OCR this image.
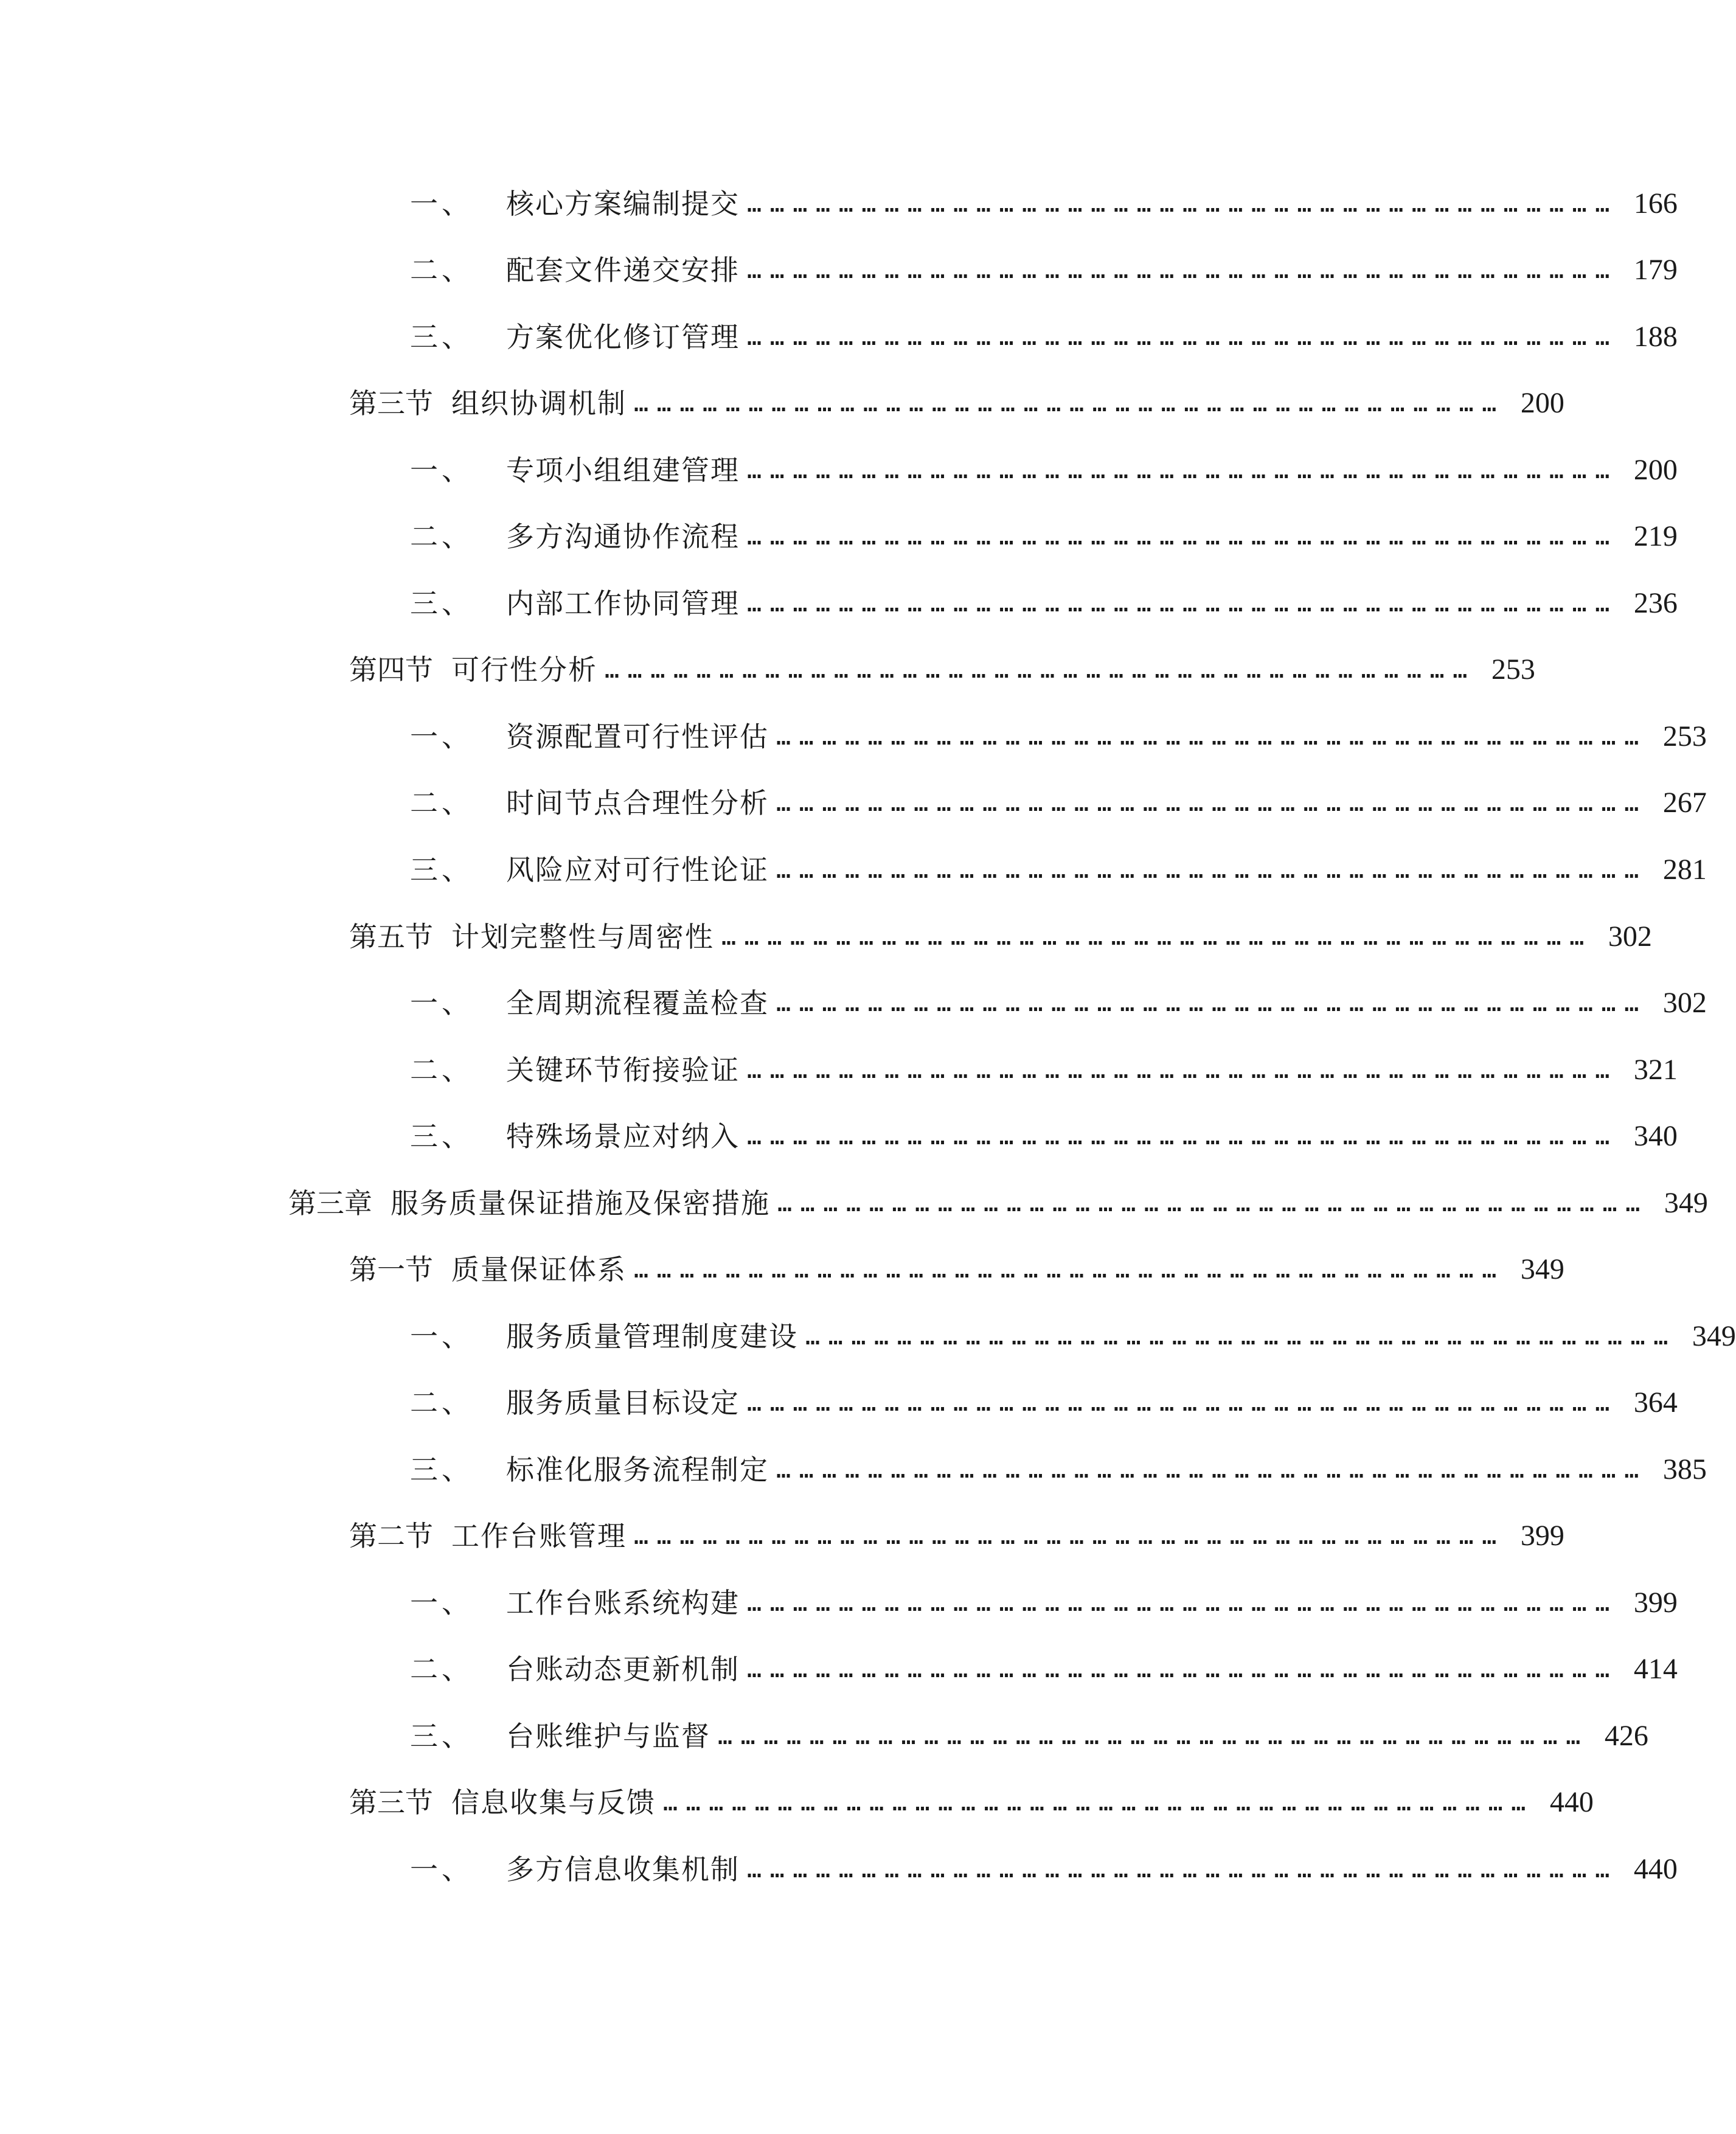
一、 核心方案编制提交 …………………………………………………………………………………………………… 166
二、 配套文件递交安排 …………………………………………………………………………………………………… 179
三、 方案优化修订管理 …………………………………………………………………………………………………… 188
第三节 组织协调机制 …………………………………………………………………………………………………… 200
一、 专项小组组建管理 …………………………………………………………………………………………………… 200
二、 多方沟通协作流程 …………………………………………………………………………………………………… 219
三、 内部工作协同管理 …………………………………………………………………………………………………… 236
第四节 可行性分析 …………………………………………………………………………………………………… 253
一、 资源配置可行性评估 …………………………………………………………………………………………………… 253
二、 时间节点合理性分析 …………………………………………………………………………………………………… 267
三、 风险应对可行性论证 …………………………………………………………………………………………………… 281
第五节 计划完整性与周密性 …………………………………………………………………………………………………… 302
一、 全周期流程覆盖检查 …………………………………………………………………………………………………… 302
二、 关键环节衔接验证 …………………………………………………………………………………………………… 321
三、 特殊场景应对纳入 …………………………………………………………………………………………………… 340
第三章 服务质量保证措施及保密措施 …………………………………………………………………………………………………… 349
第一节 质量保证体系 …………………………………………………………………………………………………… 349
一、 服务质量管理制度建设 …………………………………………………………………………………………………… 349
二、 服务质量目标设定 …………………………………………………………………………………………………… 364
三、 标准化服务流程制定 …………………………………………………………………………………………………… 385
第二节 工作台账管理 …………………………………………………………………………………………………… 399
一、 工作台账系统构建 …………………………………………………………………………………………………… 399
二、 台账动态更新机制 …………………………………………………………………………………………………… 414
三、 台账维护与监督 …………………………………………………………………………………………………… 426
第三节 信息收集与反馈 …………………………………………………………………………………………………… 440
一、 多方信息收集机制 …………………………………………………………………………………………………… 440
